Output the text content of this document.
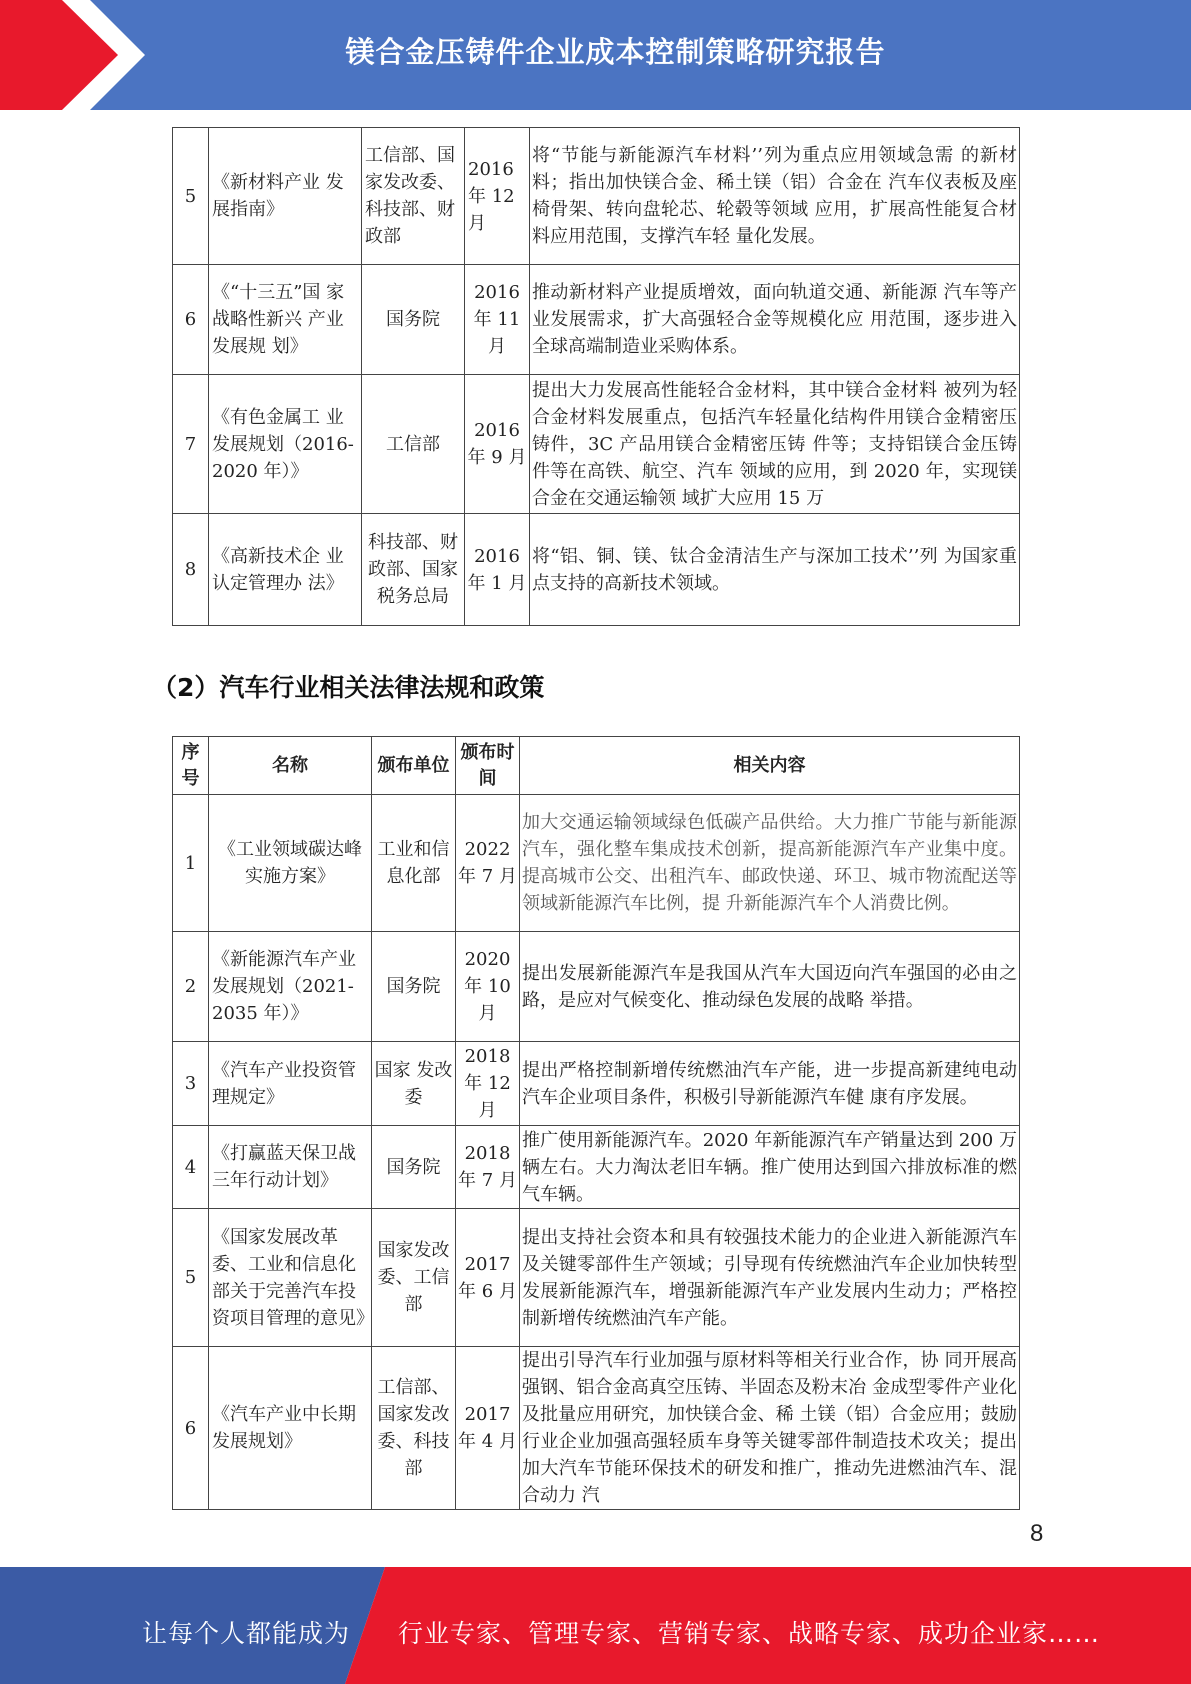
镁合金压铸件企业成本控制策略研究报告
5	《新材料产业 发展指南》	工信部、国家发改委、科技部、财政部	2016 年 12 月	将“节能与新能源汽车材料’’列为重点应用领域急需 的新材料；指出加快镁合金、稀土镁（铝）合金在 汽车仪表板及座椅骨架、转向盘轮芯、轮毂等领域 应用，扩展高性能复合材料应用范围，支撑汽车轻 量化发展。
6	《“十三五”国 家战略性新兴 产业发展规 划》	国务院	2016 年 11 月	推动新材料产业提质增效，面向轨道交通、新能源 汽车等产业发展需求，扩大高强轻合金等规模化应 用范围，逐步进入全球高端制造业采购体系。
7	《有色金属工 业发展规划（2016-2020 年）》	工信部	2016 年 9 月	提出大力发展高性能轻合金材料，其中镁合金材料 被列为轻合金材料发展重点，包括汽车轻量化结构件用镁合金精密压铸件，3C 产品用镁合金精密压铸 件等；支持铝镁合金压铸件等在高铁、航空、汽车 领域的应用，到 2020 年，实现镁合金在交通运输领 域扩大应用 15 万
8	《高新技术企 业认定管理办 法》	科技部、财政部、国家税务总局	2016 年 1 月	将“铝、铜、镁、钛合金清洁生产与深加工技术’’列 为国家重点支持的高新技术领域。
（2）汽车行业相关法律法规和政策
序号	名称	颁布单位	颁布时间	相关内容
1	《工业领域碳达峰实施方案》	工业和信息化部	2022 年 7 月	加大交通运输领域绿色低碳产品供给。大力推广节能与新能源汽车，强化整车集成技术创新，提高新能源汽车产业集中度。提高城市公交、出租汽车、邮政快递、环卫、城市物流配送等领域新能源汽车比例，提 升新能源汽车个人消费比例。
2	《新能源汽车产业发展规划（2021-2035 年）》	国务院	2020 年 10 月	提出发展新能源汽车是我国从汽车大国迈向汽车强国的必由之路，是应对气候变化、推动绿色发展的战略 举措。
3	《汽车产业投资管理规定》	国家 发改委	2018 年 12 月	提出严格控制新增传统燃油汽车产能，进一步提高新建纯电动汽车企业项目条件，积极引导新能源汽车健 康有序发展。
4	《打赢蓝天保卫战三年行动计划》	国务院	2018 年 7 月	推广使用新能源汽车。2020 年新能源汽车产销量达到 200 万辆左右。大力淘汰老旧车辆。推广使用达到国六排放标准的燃气车辆。
5	《国家发展改革委、工业和信息化部关于完善汽车投资项目管理的意见》	国家发改委、工信部	2017 年 6 月	提出支持社会资本和具有较强技术能力的企业进入新能源汽车及关键零部件生产领域；引导现有传统燃油汽车企业加快转型发展新能源汽车，增强新能源汽车产业发展内生动力；严格控制新增传统燃油汽车产能。
6	《汽车产业中长期发展规划》	工信部、国家发改委、科技部	2017 年 4 月	提出引导汽车行业加强与原材料等相关行业合作，协 同开展高强钢、铝合金高真空压铸、半固态及粉末冶 金成型零件产业化及批量应用研究，加快镁合金、稀 土镁（铝）合金应用；鼓励行业企业加强高强轻质车身等关键零部件制造技术攻关；提出加大汽车节能环保技术的研发和推广，推动先进燃油汽车、混合动力 汽
8
让每个人都能成为 行业专家、管理专家、营销专家、战略专家、成功企业家……
